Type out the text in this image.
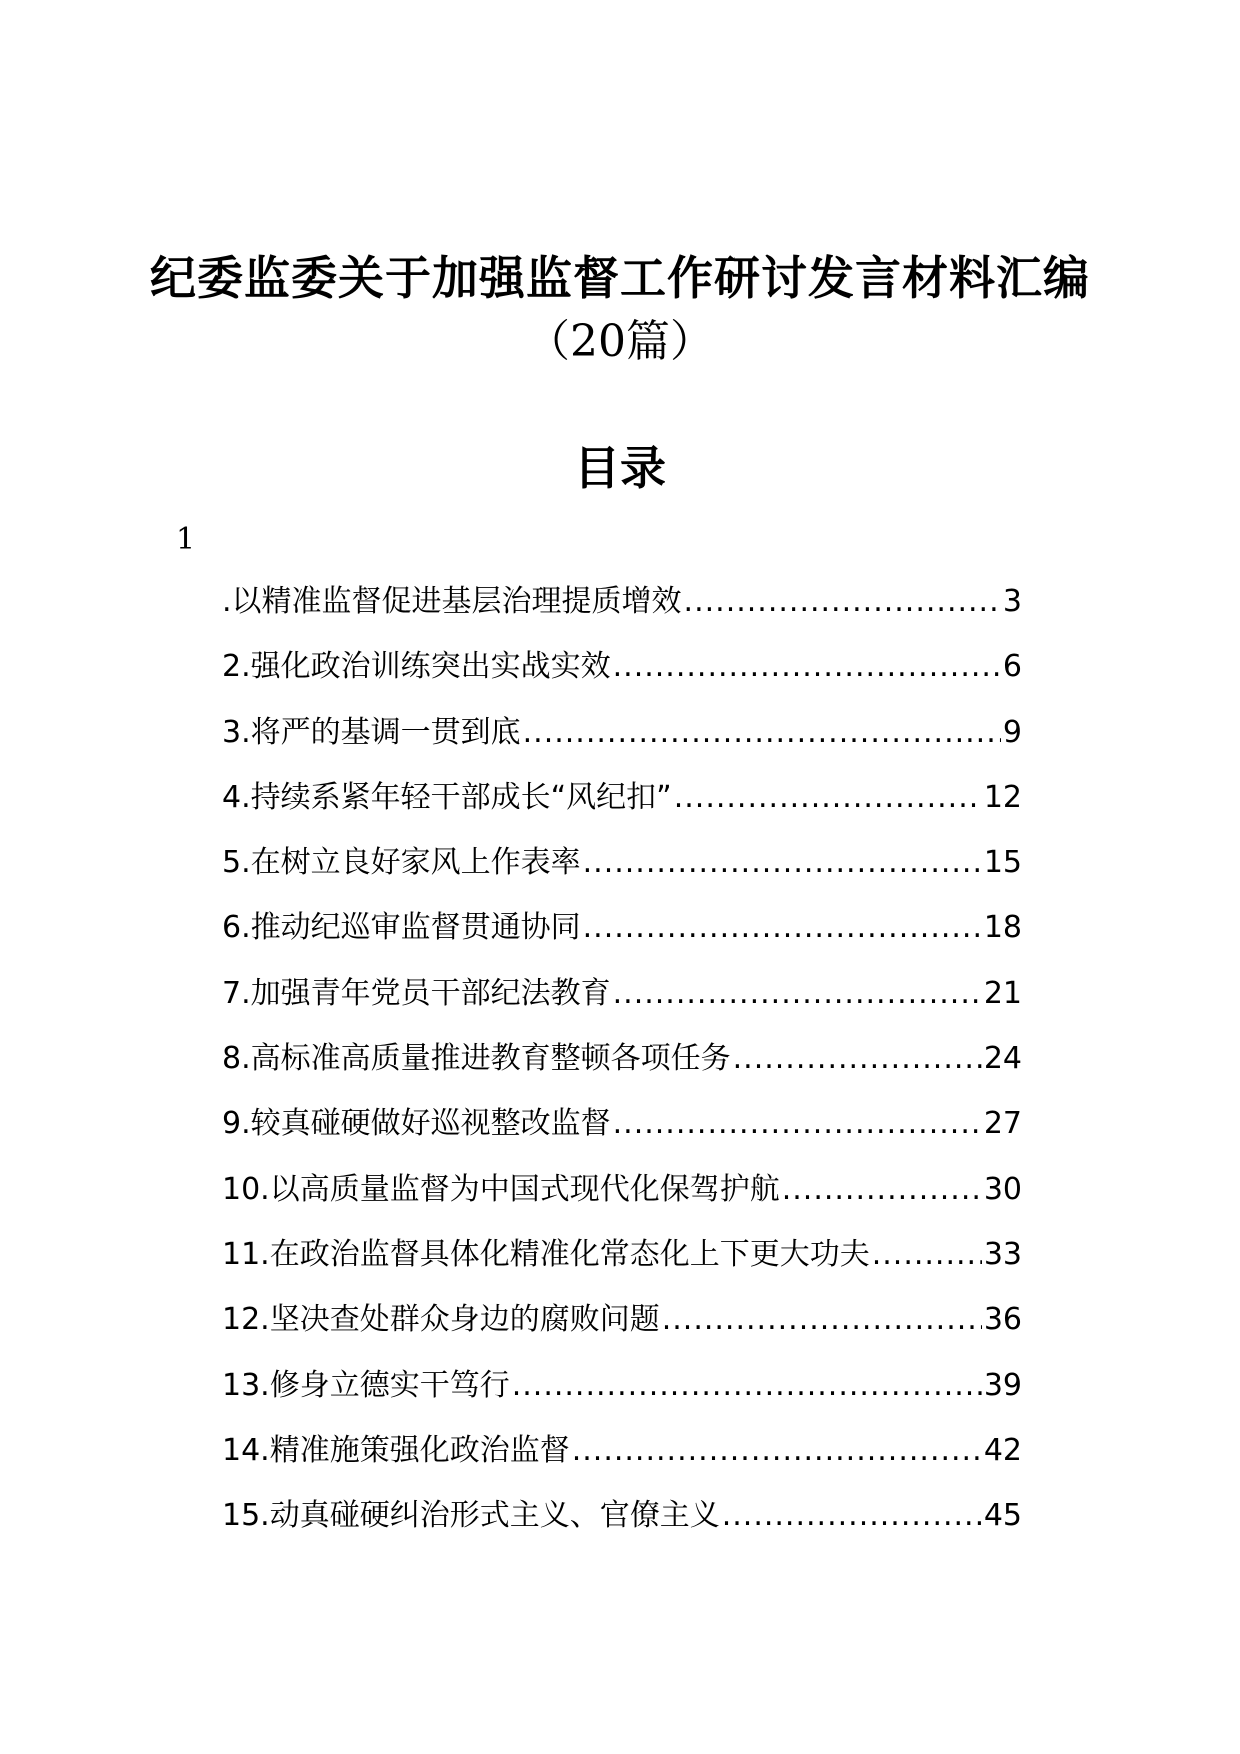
纪委监委关于加强监督工作研讨发言材料汇编
（20篇）
目录
1
.以精准监督促进基层治理提质增效 .....	3
2.强化政治训练突出实战实效 .....	6
3.将严的基调一贯到底 .....	9
4.持续系紧年轻干部成长“风纪扣” .....	12
5.在树立良好家风上作表率 .....	15
6.推动纪巡审监督贯通协同 .....	18
7.加强青年党员干部纪法教育 .....	21
8.高标准高质量推进教育整顿各项任务 .....	24
9.较真碰硬做好巡视整改监督 .....	27
10.以高质量监督为中国式现代化保驾护航 .....	30
11.在政治监督具体化精准化常态化上下更大功夫 .....	33
12.坚决查处群众身边的腐败问题 .....	36
13.修身立德实干笃行 .....	39
14.精准施策强化政治监督 .....	42
15.动真碰硬纠治形式主义、官僚主义 .....	45
